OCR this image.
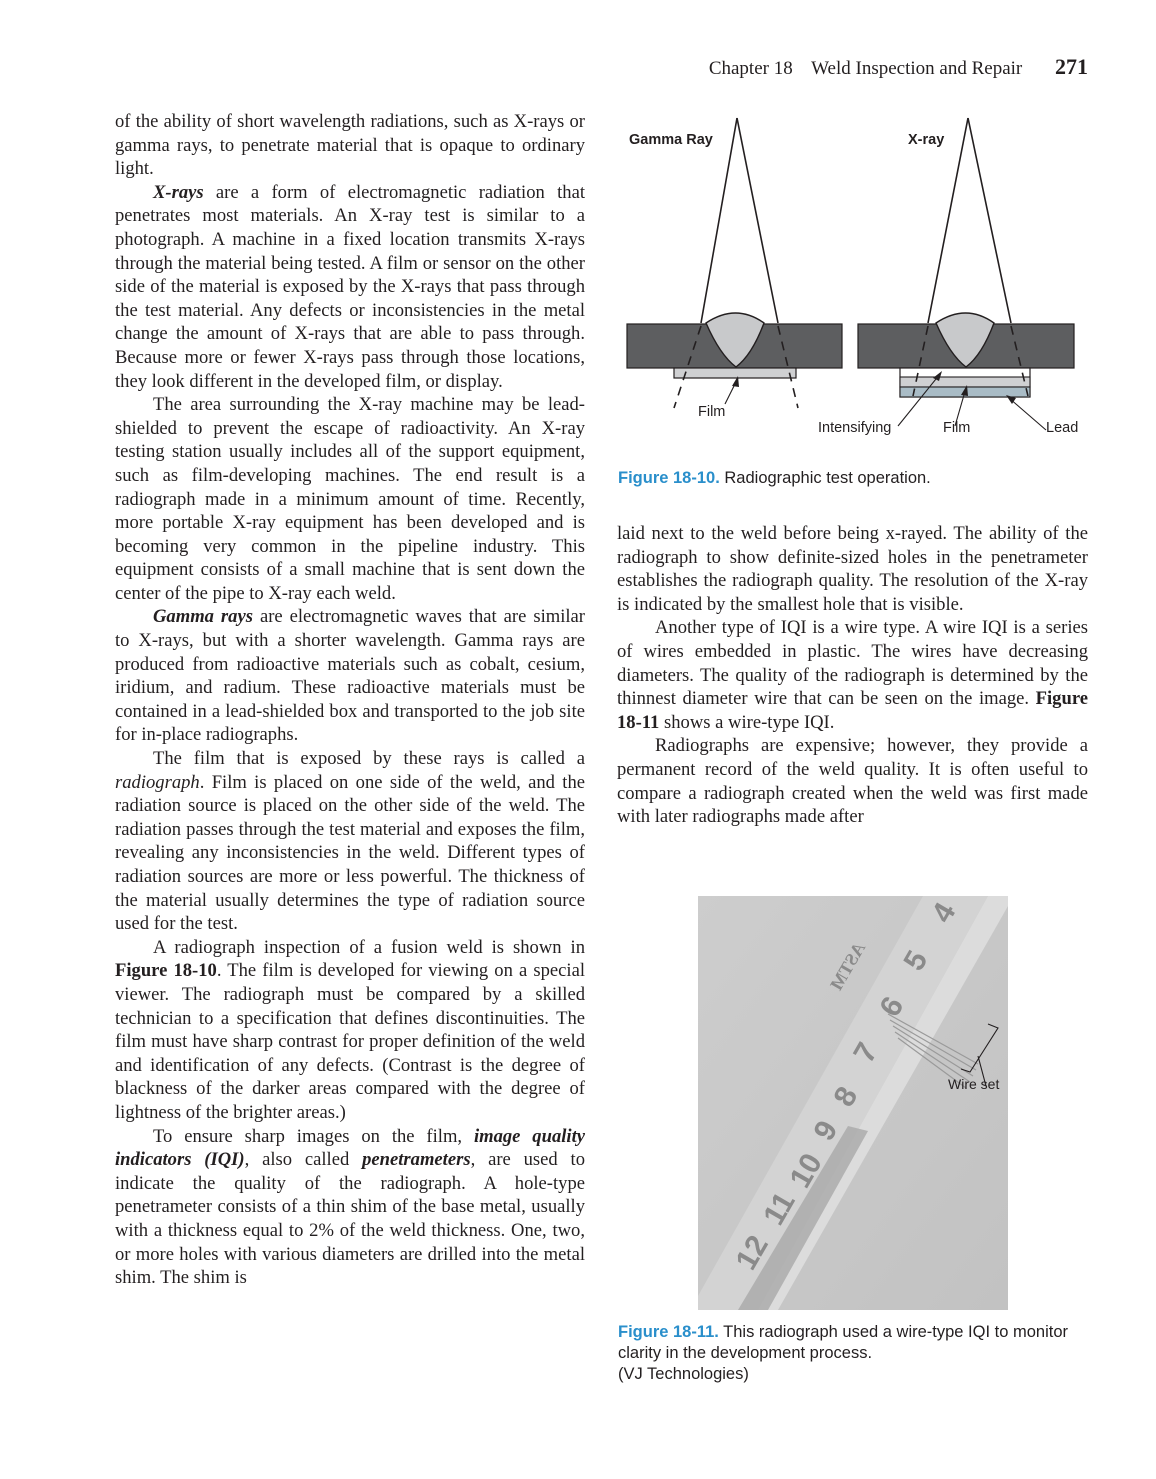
Chapter 18 Weld Inspection and Repair 271

of the ability of short wavelength radiations, such as X-rays or gamma rays, to penetrate material that is opaque to ordinary light.

X-rays are a form of electromagnetic radiation that penetrates most materials. An X-ray test is similar to a photograph. A machine in a fixed location transmits X-rays through the material being tested. A film or sensor on the other side of the material is exposed by the X-rays that pass through the test material. Any defects or inconsistencies in the metal change the amount of X-rays that are able to pass through. Because more or fewer X-rays pass through those locations, they look different in the developed film, or display.

The area surrounding the X-ray machine may be lead-shielded to prevent the escape of radioactivity. An X-ray testing station usually includes all of the support equipment, such as film-developing machines. The end result is a radiograph made in a minimum amount of time. Recently, more portable X-ray equipment has been developed and is becoming very common in the pipeline industry. This equipment consists of a small machine that is sent down the center of the pipe to X-ray each weld.

Gamma rays are electromagnetic waves that are similar to X-rays, but with a shorter wavelength. Gamma rays are produced from radioactive materials such as cobalt, cesium, iridium, and radium. These radioactive materials must be contained in a lead-shielded box and transported to the job site for in-place radiographs.

The film that is exposed by these rays is called a radiograph. Film is placed on one side of the weld, and the radiation source is placed on the other side of the weld. The radiation passes through the test material and exposes the film, revealing any inconsistencies in the weld. Different types of radiation sources are more or less powerful. The thickness of the material usually determines the type of radiation source used for the test.

A radiograph inspection of a fusion weld is shown in Figure 18-10. The film is developed for viewing on a special viewer. The radiograph must be compared by a skilled technician to a specification that defines discontinuities. The film must have sharp contrast for proper definition of the weld and identification of any defects. (Contrast is the degree of blackness of the darker areas compared with the degree of lightness of the brighter areas.)

To ensure sharp images on the film, image quality indicators (IQI), also called penetrameters, are used to indicate the quality of the radiograph. A hole-type penetrameter consists of a thin shim of the base metal, usually with a thickness equal to 2% of the weld thickness. One, two, or more holes with various diameters are drilled into the metal shim. The shim is

Gamma Ray	X-ray
Film
Intensifying	Film	Lead
Figure 18-10. Radiographic test operation.

laid next to the weld before being x-rayed. The ability of the radiograph to show definite-sized holes in the penetrameter establishes the radiograph quality. The resolution of the X-ray is indicated by the smallest hole that is visible.

Another type of IQI is a wire type. A wire IQI is a series of wires embedded in plastic. The wires have decreasing diameters. The quality of the radiograph is determined by the thinnest diameter wire that can be seen on the image. Figure 18-11 shows a wire-type IQI.

Radiographs are expensive; however, they provide a permanent record of the weld quality. It is often useful to compare a radiograph created when the weld was first made with later radiographs made after

4
5
6
7
8
9
10
11
12
ASTM
Wire set
Figure 18-11. This radiograph used a wire-type IQI to monitor clarity in the development process.
(VJ Technologies)
